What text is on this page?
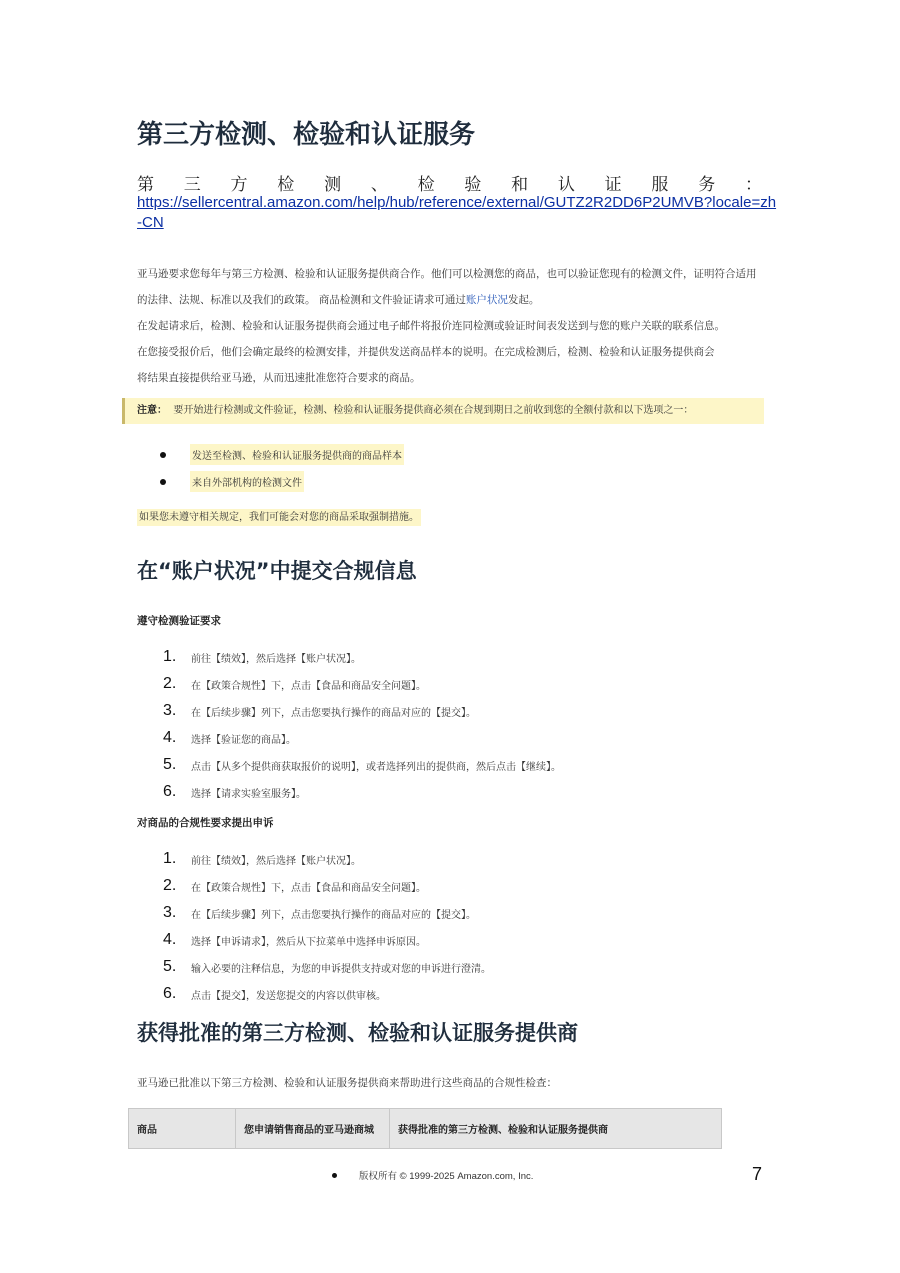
第三方检测、检验和认证服务
第 三 方 检 测 、 检 验 和 认 证 服 务 ：
https://sellercentral.amazon.com/help/hub/reference/external/GUTZ2R2DD6P2UMVB?locale=zh
-CN
亚马逊要求您每年与第三方检测、检验和认证服务提供商合作。他们可以检测您的商品，也可以验证您现有的检测文件，证明符合适用
的法律、法规、标准以及我们的政策。 商品检测和文件验证请求可通过账户状况发起。
在发起请求后，检测、检验和认证服务提供商会通过电子邮件将报价连同检测或验证时间表发送到与您的账户关联的联系信息。
在您接受报价后，他们会确定最终的检测安排，并提供发送商品样本的说明。在完成检测后，检测、检验和认证服务提供商会
将结果直接提供给亚马逊，从而迅速批准您符合要求的商品。
注意： 要开始进行检测或文件验证，检测、检验和认证服务提供商必须在合规到期日之前收到您的全额付款和以下选项之一：
发送至检测、检验和认证服务提供商的商品样本
来自外部机构的检测文件
如果您未遵守相关规定，我们可能会对您的商品采取强制措施。
在“账户状况”中提交合规信息
遵守检测验证要求
1.	前往【绩效】，然后选择【账户状况】。
2.	在【政策合规性】下，点击【食品和商品安全问题】。
3.	在【后续步骤】列下，点击您要执行操作的商品对应的【提交】。
4.	选择【验证您的商品】。
5.	点击【从多个提供商获取报价的说明】，或者选择列出的提供商，然后点击【继续】。
6.	选择【请求实验室服务】。
对商品的合规性要求提出申诉
1.	前往【绩效】，然后选择【账户状况】。
2.	在【政策合规性】下，点击【食品和商品安全问题】。
3.	在【后续步骤】列下，点击您要执行操作的商品对应的【提交】。
4.	选择【申诉请求】，然后从下拉菜单中选择申诉原因。
5.	输入必要的注释信息，为您的申诉提供支持或对您的申诉进行澄清。
6.	点击【提交】，发送您提交的内容以供审核。
获得批准的第三方检测、检验和认证服务提供商
亚马逊已批准以下第三方检测、检验和认证服务提供商来帮助进行这些商品的合规性检查：
商品	您申请销售商品的亚马逊商城	获得批准的第三方检测、检验和认证服务提供商
版权所有 © 1999-2025 Amazon.com, Inc.	7
